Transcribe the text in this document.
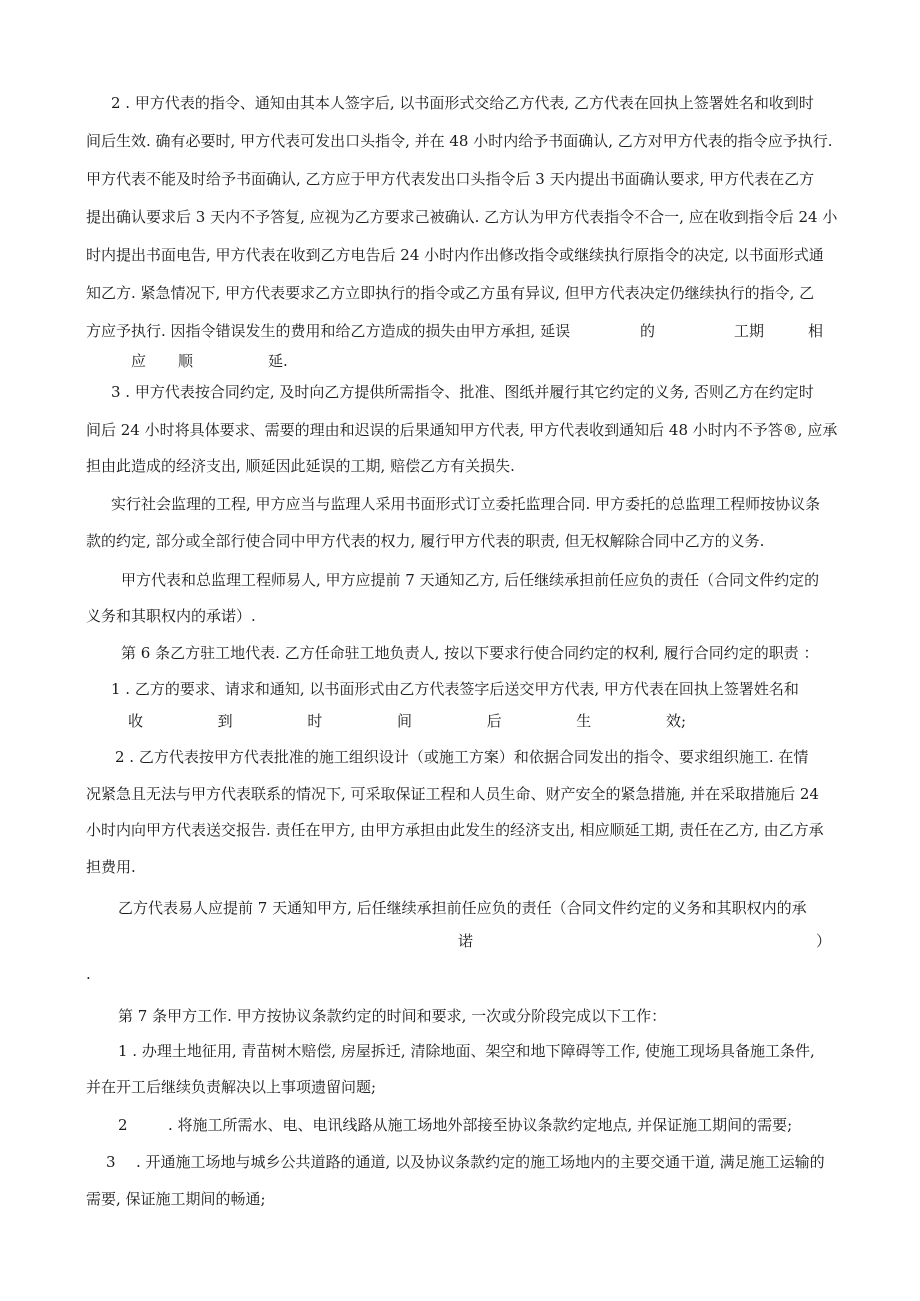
2 . 甲方代表的指令、通知由其本人签字后, 以书面形式交给乙方代表, 乙方代表在回执上签署姓名和收到时
间后生效. 确有必要时, 甲方代表可发出口头指令, 并在 48 小时内给予书面确认, 乙方对甲方代表的指令应予执行.
甲方代表不能及时给予书面确认, 乙方应于甲方代表发出口头指令后 3 天内提出书面确认要求, 甲方代表在乙方
提出确认要求后 3 天内不予答复, 应视为乙方要求己被确认. 乙方认为甲方代表指令不合一, 应在收到指令后 24 小
时内提出书面电告, 甲方代表在收到乙方电告后 24 小时内作出修改指令或继续执行原指令的决定, 以书面形式通
知乙方. 紧急情况下, 甲方代表要求乙方立即执行的指令或乙方虽有异议, 但甲方代表决定仍继续执行的指令, 乙
方应予执行. 因指令错误发生的费用和给乙方造成的损失由甲方承担, 延误	的	工期	相
应 顺	延.
3 . 甲方代表按合同约定, 及时向乙方提供所需指令、批准、图纸并履行其它约定的义务, 否则乙方在约定时
间后 24 小时将具体要求、需要的理由和迟误的后果通知甲方代表, 甲方代表收到通知后 48 小时内不予答®, 应承
担由此造成的经济支出, 顺延因此延误的工期, 赔偿乙方有关损失.
实行社会监理的工程, 甲方应当与监理人采用书面形式订立委托监理合同. 甲方委托的总监理工程师按协议条
款的约定, 部分或全部行使合同中甲方代表的权力, 履行甲方代表的职责, 但无权解除合同中乙方的义务.
甲方代表和总监理工程师易人, 甲方应提前 7 天通知乙方, 后任继续承担前任应负的责任（合同文件约定的
义务和其职权内的承诺）.
第 6 条乙方驻工地代表. 乙方任命驻工地负责人, 按以下要求行使合同约定的权利, 履行合同约定的职责 ：
1 . 乙方的要求、请求和通知, 以书面形式由乙方代表签字后送交甲方代表, 甲方代表在回执上签署姓名和
收	到	时	间	后	生	效;
2 . 乙方代表按甲方代表批准的施工组织设计（或施工方案）和依据合同发出的指令、要求组织施工. 在情
况紧急且无法与甲方代表联系的情况下, 可采取保证工程和人员生命、财产安全的紧急措施, 并在采取措施后 24
小时内向甲方代表送交报告. 责任在甲方, 由甲方承担由此发生的经济支出, 相应顺延工期, 责任在乙方, 由乙方承
担费用.
乙方代表易人应提前 7 天通知甲方, 后任继续承担前任应负的责任（合同文件约定的义务和其职权内的承
诺	）
.
第 7 条甲方工作. 甲方按协议条款约定的时间和要求, 一次或分阶段完成以下工作：
1 . 办理土地征用, 青苗树木赔偿, 房屋拆迁, 清除地面、架空和地下障碍等工作, 使施工现场具备施工条件,
并在开工后继续负责解决以上事项遗留问题;
2	. 将施工所需水、电、电讯线路从施工场地外部接至协议条款约定地点, 并保证施工期间的需要;
3 . 开通施工场地与城乡公共道路的通道, 以及协议条款约定的施工场地内的主要交通干道, 满足施工运输的
需要, 保证施工期间的畅通;
